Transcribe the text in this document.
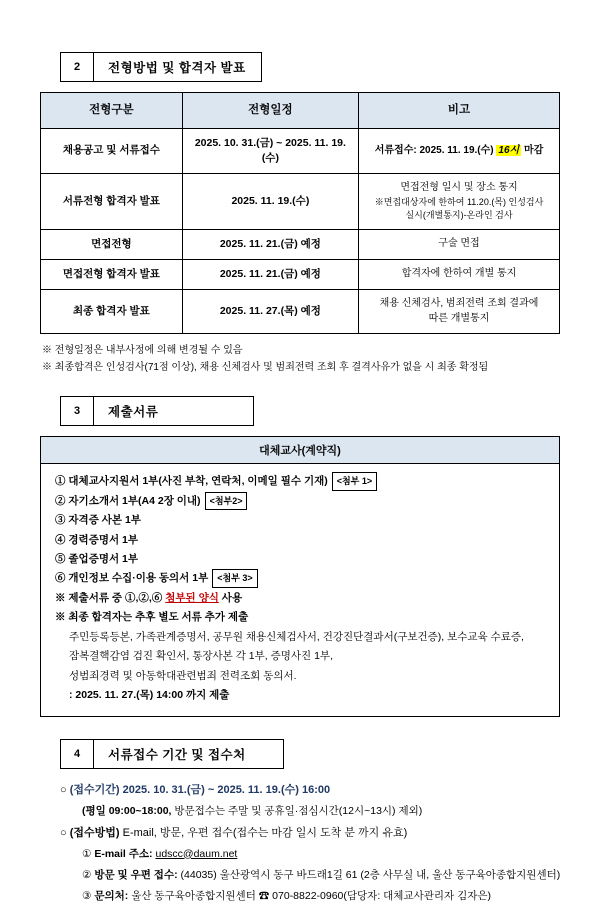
2	전형방법 및 합격자 발표
전형구분	전형일정	비고
채용공고 및 서류접수	2025. 10. 31.(금) ~ 2025. 11. 19.(수)	서류접수: 2025. 11. 19.(수) 16시 마감
서류전형 합격자 발표	2025. 11. 19.(수)	면접전형 일시 및 장소 통지
※면접대상자에 한하여 11.20.(목) 인성검사
실시(개별통지)-온라인 검사

면접전형	2025. 11. 21.(금) 예정	구술 면접
면접전형 합격자 발표	2025. 11. 21.(금) 예정	합격자에 한하여 개별 통지
최종 합격자 발표	2025. 11. 27.(목) 예정	채용 신체검사, 범죄전력 조회 결과에
따른 개별통지
※ 전형일정은 내부사정에 의해 변경될 수 있음
※ 최종합격은 인성검사(71점 이상), 채용 신체검사 및 범죄전력 조회 후 결격사유가 없을 시 최종 확정됨
3	제출서류
대체교사(계약직)
① 대체교사지원서 1부(사진 부착, 연락처, 이메일 필수 기재) <첨부 1>
② 자기소개서 1부(A4 2장 이내) <첨부2>
③ 자격증 사본 1부
④ 경력증명서 1부
⑤ 졸업증명서 1부
⑥ 개인정보 수집·이용 동의서 1부 <첨부 3>
※ 제출서류 중 ①,②,⑥ 첨부된 양식 사용
※ 최종 합격자는 추후 별도 서류 추가 제출
주민등록등본, 가족관계증명서, 공무원 채용신체검사서, 건강진단결과서(구보건증), 보수교육 수료증,
잠복결핵감염 검진 확인서, 통장사본 각 1부, 증명사진 1부,
성범죄경력 및 아동학대관련범죄 전력조회 동의서.
: 2025. 11. 27.(목) 14:00 까지 제출
4	서류접수 기간 및 접수처
○ (접수기간) 2025. 10. 31.(금) ~ 2025. 11. 19.(수) 16:00
(평일 09:00~18:00, 방문접수는 주말 및 공휴일·점심시간(12시~13시) 제외)
○ (접수방법) E-mail, 방문, 우편 접수(접수는 마감 일시 도착 분 까지 유효)
① E-mail 주소: udscc@daum.net
② 방문 및 우편 접수: (44035) 울산광역시 동구 바드래1길 61 (2층 사무실 내, 울산 동구육아종합지원센터)
③ 문의처: 울산 동구육아종합지원센터 ☎ 070-8822-0960(담당자: 대체교사관리자 김자은)
